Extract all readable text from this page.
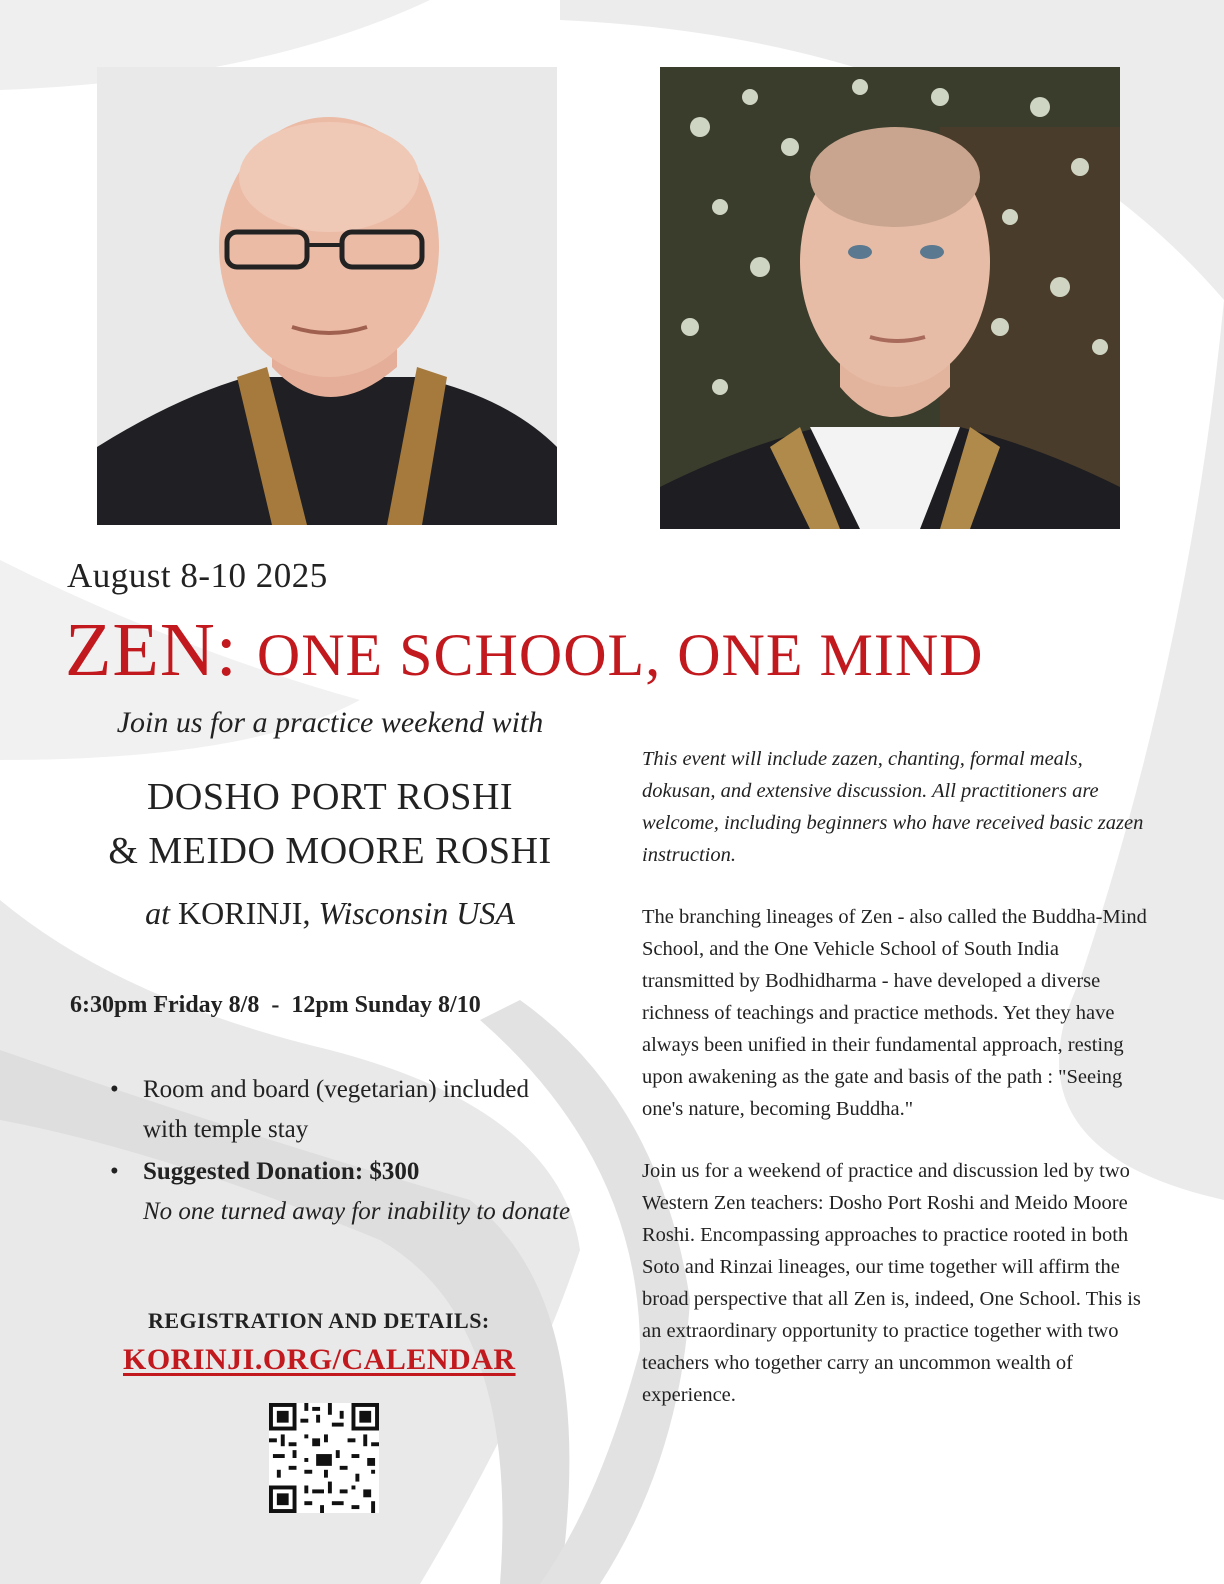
August 8-10 2025
ZEN: ONE SCHOOL, ONE MIND
Join us for a practice weekend with
DOSHO PORT ROSHI
& MEIDO MOORE ROSHI
at KORINJI, Wisconsin USA
6:30pm Friday 8/8  -  12pm Sunday 8/10
• Room and board (vegetarian) included with temple stay
• Suggested Donation: $300
No one turned away for inability to donate
REGISTRATION AND DETAILS:
KORINJI.ORG/CALENDAR

This event will include zazen, chanting, formal meals, dokusan, and extensive discussion. All practitioners are welcome, including beginners who have received basic zazen instruction.

The branching lineages of Zen - also called the Buddha-Mind School, and the One Vehicle School of South India transmitted by Bodhidharma - have developed a diverse richness of teachings and practice methods. Yet they have always been unified in their fundamental approach, resting upon awakening as the gate and basis of the path : "Seeing one's nature, becoming Buddha."

Join us for a weekend of practice and discussion led by two Western Zen teachers: Dosho Port Roshi and Meido Moore Roshi. Encompassing approaches to practice rooted in both Soto and Rinzai lineages, our time together will affirm the broad perspective that all Zen is, indeed, One School. This is an extraordinary opportunity to practice together with two teachers who together carry an uncommon wealth of experience.
